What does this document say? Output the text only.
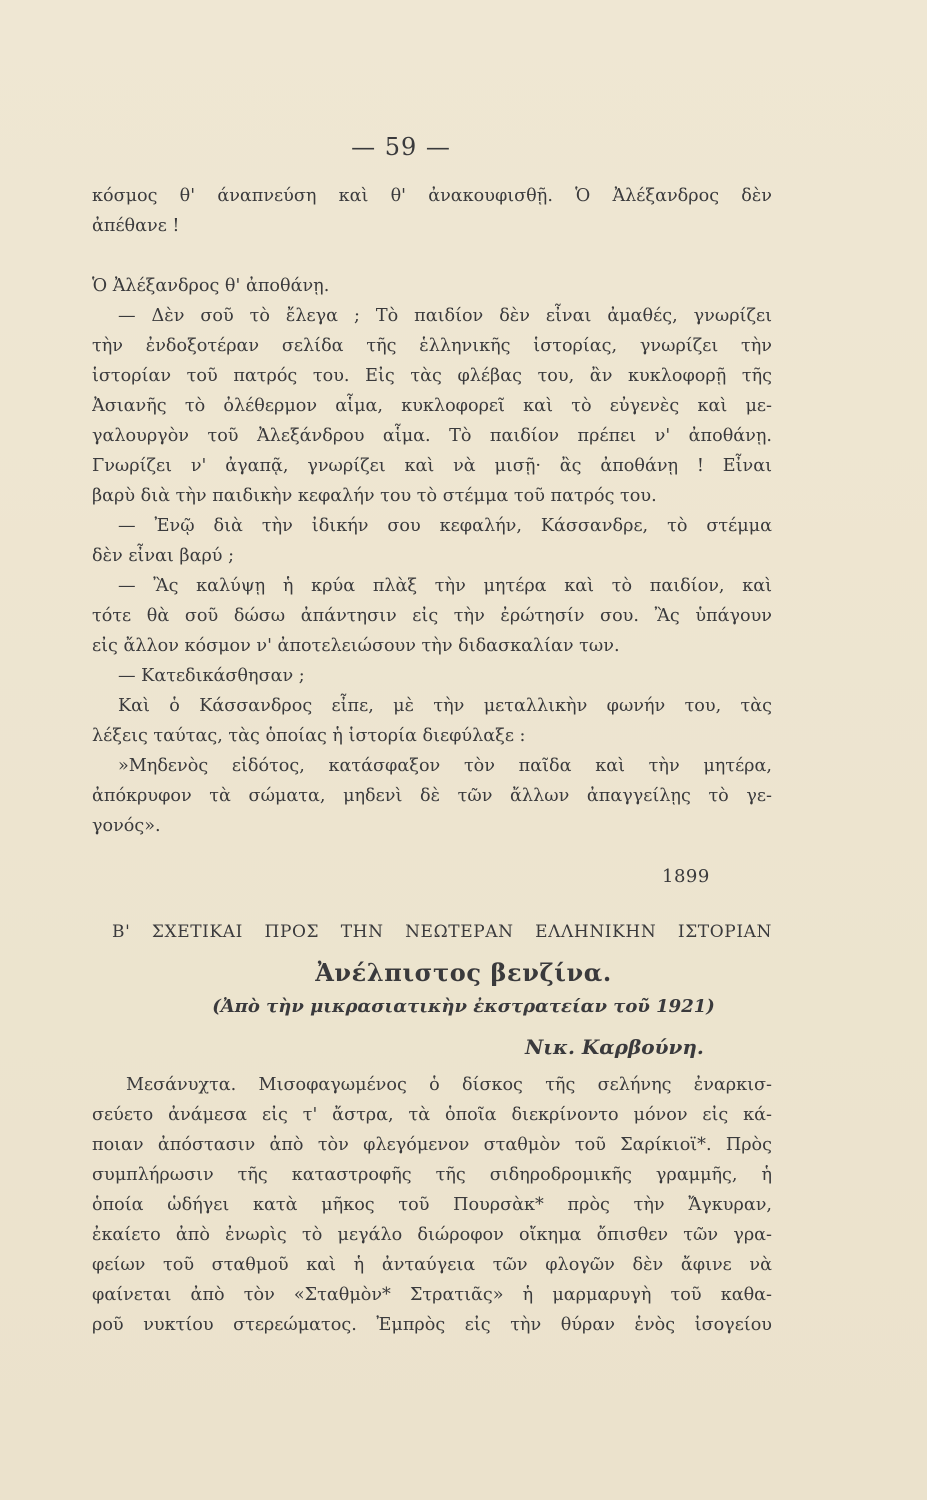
— 59 —
κόσμος θ' άναπνεύση καὶ θ' ἀνακουφισθῇ. Ὁ Ἀλέξανδρος δὲν
ἀπέθανε !
Ὁ Ἀλέξανδρος θ' ἀποθάνῃ.
— Δὲν σοῦ τὸ ἔλεγα ; Τὸ παιδίον δὲν εἶναι ἀμαθές, γνωρίζει
τὴν ἐνδοξοτέραν σελίδα τῆς ἑλληνικῆς ἱστορίας, γνωρίζει τὴν
ἱστορίαν τοῦ πατρός του. Εἰς τὰς φλέβας του, ἂν κυκλοφορῇ τῆς
Ἀσιανῆς τὸ ὀλέθερμον αἷμα, κυκλοφορεῖ καὶ τὸ εὐγενὲς καὶ με-
γαλουργὸν τοῦ Ἀλεξάνδρου αἷμα. Τὸ παιδίον πρέπει ν' ἀποθάνῃ.
Γνωρίζει ν' ἀγαπᾷ, γνωρίζει καὶ νὰ μισῇ· ἂς ἀποθάνῃ ! Εἶναι
βαρὺ διὰ τὴν παιδικὴν κεφαλήν του τὸ στέμμα τοῦ πατρός του.
— Ἐνῷ διὰ τὴν ἰδικήν σου κεφαλήν, Κάσσανδρε, τὸ στέμμα
δὲν εἶναι βαρύ ;
— Ἂς καλύψῃ ἡ κρύα πλὰξ τὴν μητέρα καὶ τὸ παιδίον, καὶ
τότε θὰ σοῦ δώσω ἀπάντησιν εἰς τὴν ἐρώτησίν σου. Ἂς ὑπάγουν
εἰς ἄλλον κόσμον ν' ἀποτελειώσουν τὴν διδασκαλίαν των.
— Κατεδικάσθησαν ;
Καὶ ὁ Κάσσανδρος εἶπε, μὲ τὴν μεταλλικὴν φωνήν του, τὰς
λέξεις ταύτας, τὰς ὁποίας ἡ ἱστορία διεφύλαξε :
»Μηδενὸς εἰδότος, κατάσφαξον τὸν παῖδα καὶ τὴν μητέρα,
ἀπόκρυφον τὰ σώματα, μηδενὶ δὲ τῶν ἄλλων ἀπαγγείλῃς τὸ γε-
γονός».
1899
Β' ΣΧΕΤΙΚΑΙ ΠΡΟΣ ΤΗΝ ΝΕΩΤΕΡΑΝ ΕΛΛΗΝΙΚΗΝ ΙΣΤΟΡΙΑΝ
Ἀνέλπιστος βενζίνα.
(Ἀπὸ τὴν μικρασιατικὴν ἐκστρατείαν τοῦ 1921)
Νικ. Καρβούνη.
Μεσάνυχτα. Μισοφαγωμένος ὁ δίσκος τῆς σελήνης ἐναρκισ-
σεύετο ἀνάμεσα εἰς τ' ἄστρα, τὰ ὁποῖα διεκρίνοντο μόνον εἰς κά-
ποιαν ἀπόστασιν ἀπὸ τὸν φλεγόμενον σταθμὸν τοῦ Σαρίκιοϊ*. Πρὸς
συμπλήρωσιν τῆς καταστροφῆς τῆς σιδηροδρομικῆς γραμμῆς, ἡ
ὁποία ὡδήγει κατὰ μῆκος τοῦ Πουρσὰκ* πρὸς τὴν Ἄγκυραν,
ἐκαίετο ἀπὸ ἐνωρὶς τὸ μεγάλο διώροφον οἴκημα ὄπισθεν τῶν γρα-
φείων τοῦ σταθμοῦ καὶ ἡ ἀνταύγεια τῶν φλογῶν δὲν ἄφινε νὰ
φαίνεται ἀπὸ τὸν «Σταθμὸν* Στρατιᾶς» ἡ μαρμαρυγὴ τοῦ καθα-
ροῦ νυκτίου στερεώματος. Ἐμπρὸς εἰς τὴν θύραν ἑνὸς ἰσογείου
